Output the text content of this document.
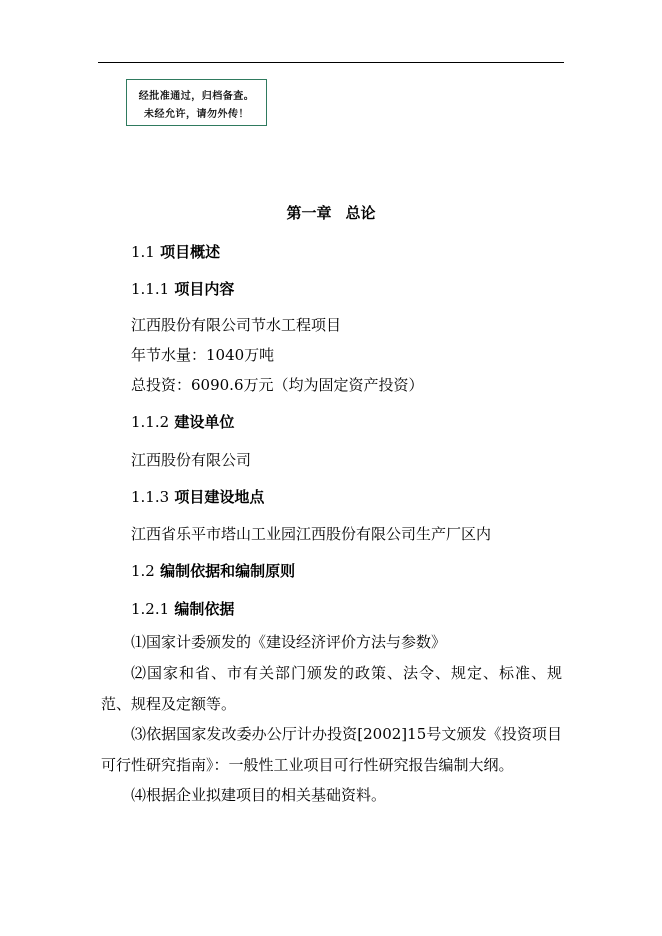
经批准通过，归档备查。
未经允许，请勿外传！
第一章 总论
1.1 项目概述
1.1.1 项目内容
江西股份有限公司节水工程项目
年节水量：1040万吨
总投资：6090.6万元（均为固定资产投资）
1.1.2 建设单位
江西股份有限公司
1.1.3 项目建设地点
江西省乐平市塔山工业园江西股份有限公司生产厂区内
1.2 编制依据和编制原则
1.2.1 编制依据
⑴国家计委颁发的《建设经济评价方法与参数》
⑵国家和省、市有关部门颁发的政策、法令、规定、标准、规范、规程及定额等。
⑶依据国家发改委办公厅计办投资[2002]15号文颁发《投资项目可行性研究指南》：一般性工业项目可行性研究报告编制大纲。
⑷根据企业拟建项目的相关基础资料。
